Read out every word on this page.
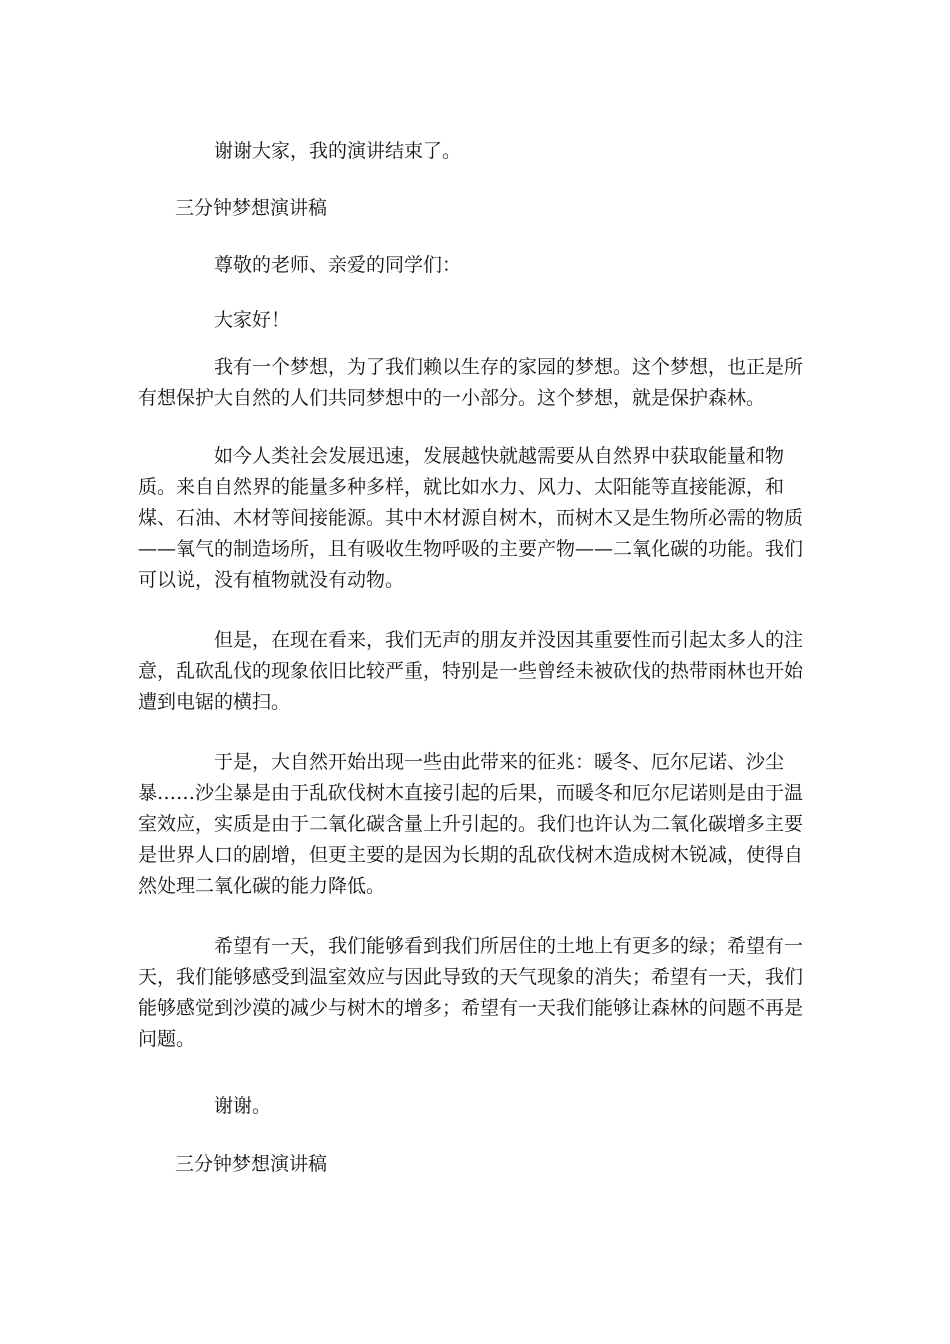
谢谢大家，我的演讲结束了。

三分钟梦想演讲稿

尊敬的老师、亲爱的同学们：

大家好！

我有一个梦想，为了我们赖以生存的家园的梦想。这个梦想，也正是所有想保护大自然的人们共同梦想中的一小部分。这个梦想，就是保护森林。

如今人类社会发展迅速，发展越快就越需要从自然界中获取能量和物质。来自自然界的能量多种多样，就比如水力、风力、太阳能等直接能源，和煤、石油、木材等间接能源。其中木材源自树木，而树木又是生物所必需的物质——氧气的制造场所，且有吸收生物呼吸的主要产物——二氧化碳的功能。我们可以说，没有植物就没有动物。

但是，在现在看来，我们无声的朋友并没因其重要性而引起太多人的注意，乱砍乱伐的现象依旧比较严重，特别是一些曾经未被砍伐的热带雨林也开始遭到电锯的横扫。

于是，大自然开始出现一些由此带来的征兆：暖冬、厄尔尼诺、沙尘暴……沙尘暴是由于乱砍伐树木直接引起的后果，而暖冬和厄尔尼诺则是由于温室效应，实质是由于二氧化碳含量上升引起的。我们也许认为二氧化碳增多主要是世界人口的剧增，但更主要的是因为长期的乱砍伐树木造成树木锐减，使得自然处理二氧化碳的能力降低。

希望有一天，我们能够看到我们所居住的土地上有更多的绿；希望有一天，我们能够感受到温室效应与因此导致的天气现象的消失；希望有一天，我们能够感觉到沙漠的减少与树木的增多；希望有一天我们能够让森林的问题不再是问题。

谢谢。

三分钟梦想演讲稿
